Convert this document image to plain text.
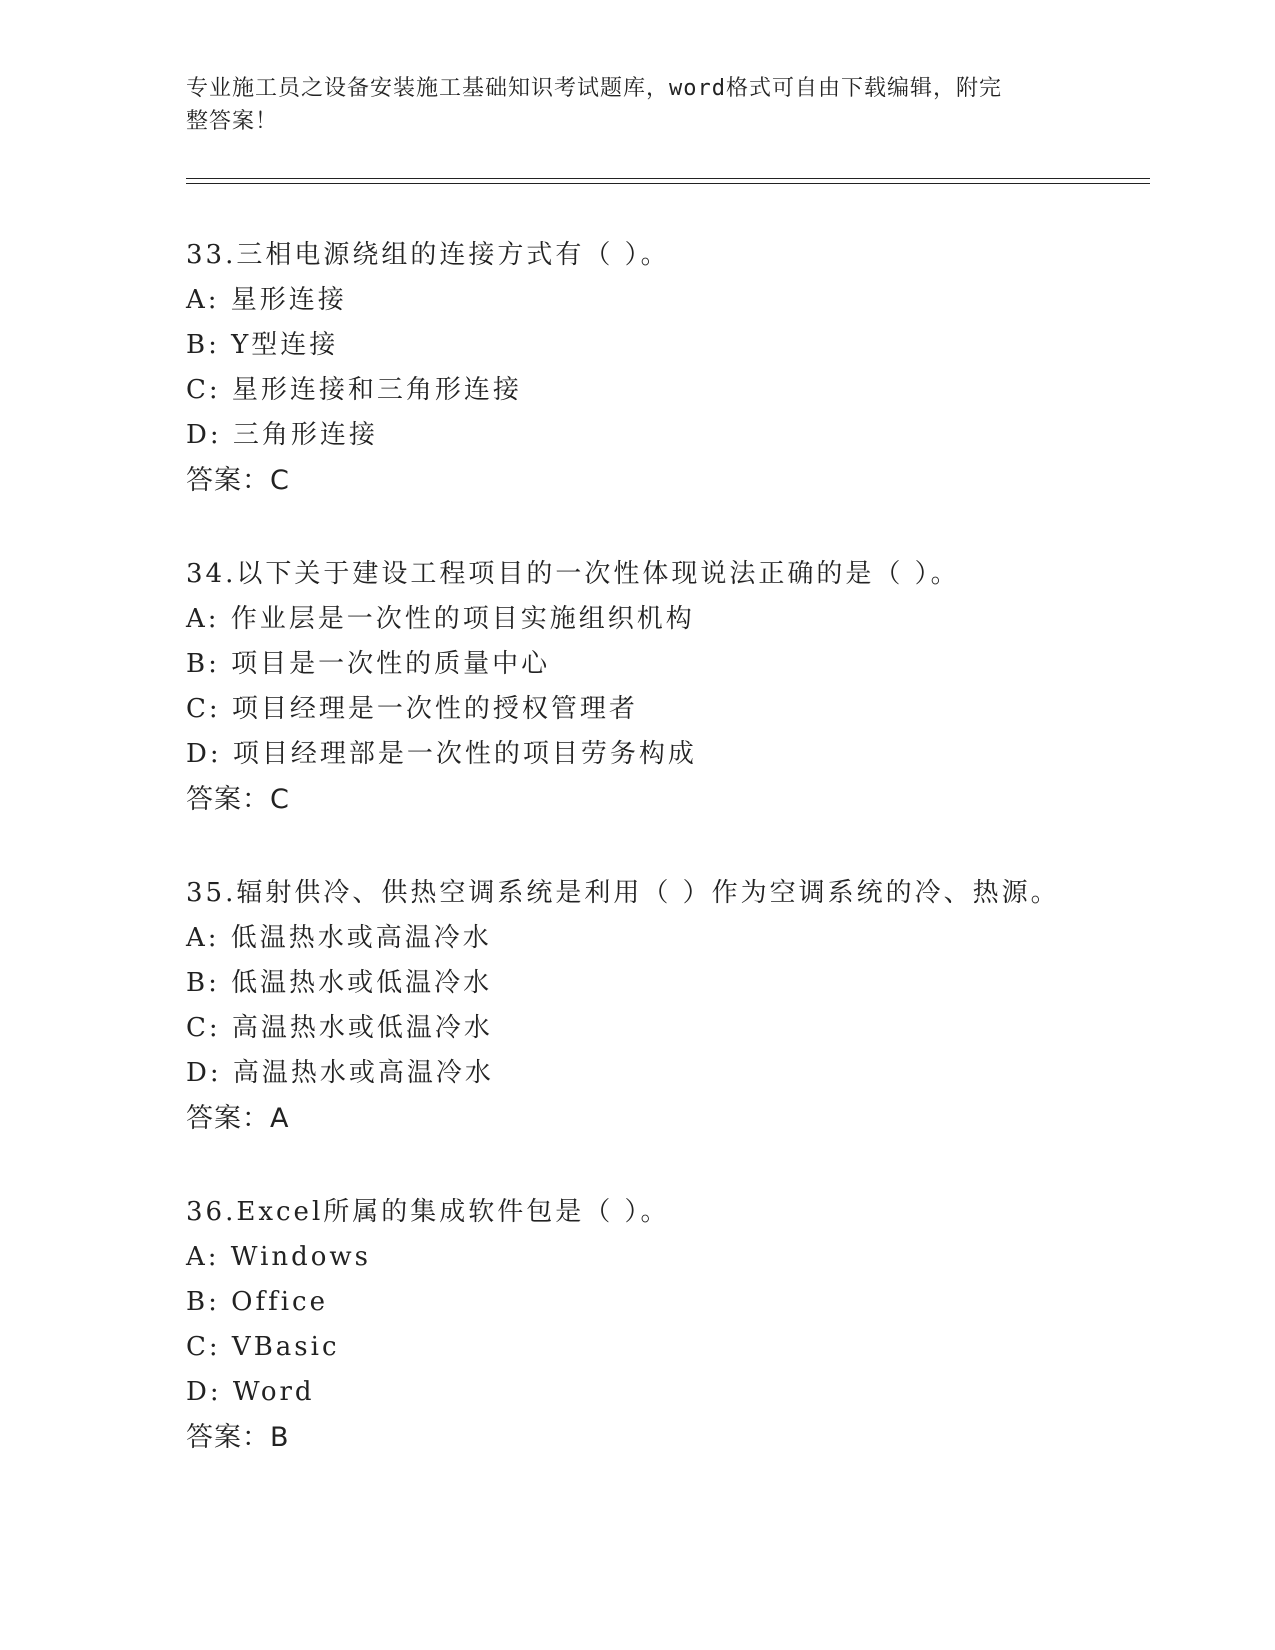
专业施工员之设备安装施工基础知识考试题库，word格式可自由下载编辑，附完
整答案！
33.三相电源绕组的连接方式有（ ）。
A: 星形连接
B: Y型连接
C: 星形连接和三角形连接
D: 三角形连接
答案：C
34.以下关于建设工程项目的一次性体现说法正确的是（ ）。
A: 作业层是一次性的项目实施组织机构
B: 项目是一次性的质量中心
C: 项目经理是一次性的授权管理者
D: 项目经理部是一次性的项目劳务构成
答案：C
35.辐射供冷、供热空调系统是利用（ ）作为空调系统的冷、热源。
A: 低温热水或高温冷水
B: 低温热水或低温冷水
C: 高温热水或低温冷水
D: 高温热水或高温冷水
答案：A
36.Excel所属的集成软件包是（ ）。
A: Windows
B: Office
C: VBasic
D: Word
答案：B
